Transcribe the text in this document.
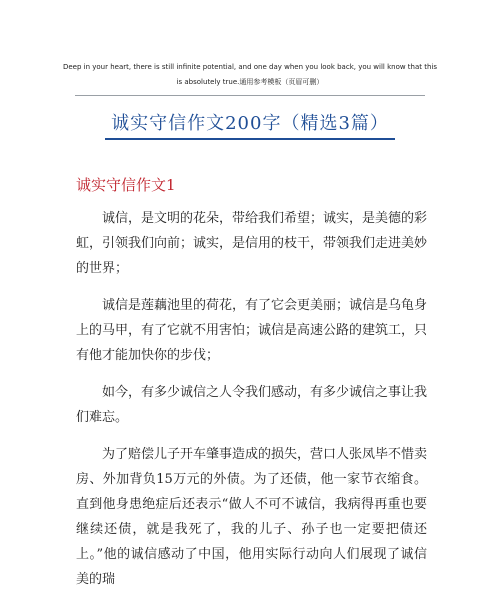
Deep in your heart, there is still infinite potential, and one day when you look back, you will know that this is absolutely true.通用参考模板（页眉可删）
诚实守信作文200字（精选3篇）
诚实守信作文1

诚信，是文明的花朵，带给我们希望；诚实，是美德的彩虹，引领我们向前；诚实，是信用的枝干，带领我们走进美妙的世界；

诚信是莲藕池里的荷花，有了它会更美丽；诚信是乌龟身上的马甲，有了它就不用害怕；诚信是高速公路的建筑工，只有他才能加快你的步伐；

如今，有多少诚信之人令我们感动，有多少诚信之事让我们难忘。

为了赔偿儿子开车肇事造成的损失，营口人张凤毕不惜卖房、外加背负15万元的外债。为了还债，他一家节衣缩食。直到他身患绝症后还表示“做人不可不诚信，我病得再重也要继续还债，就是我死了，我的儿子、孙子也一定要把债还上。”他的诚信感动了中国，他用实际行动向人们展现了诚信美的瑞
